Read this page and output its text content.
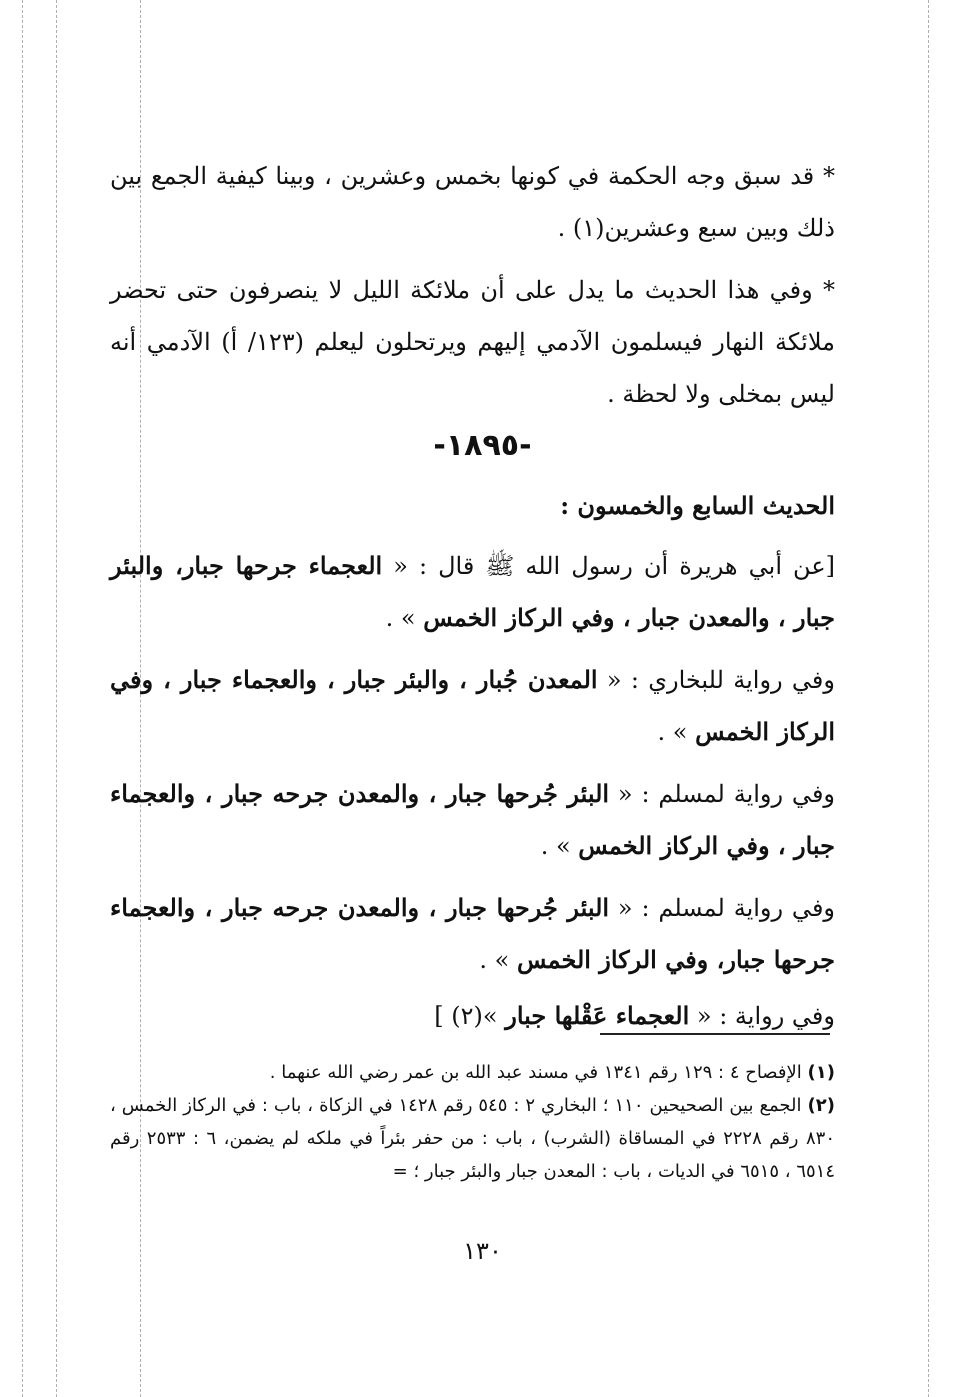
* قد سبق وجه الحكمة في كونها بخمس وعشرين ، وبينا كيفية الجمع بين ذلك وبين سبع وعشرين(١) .

* وفي هذا الحديث ما يدل على أن ملائكة الليل لا ينصرفون حتى تحضر ملائكة النهار فيسلمون الآدمي إليهم ويرتحلون ليعلم (١٢٣/ أ) الآدمي أنه ليس بمخلى ولا لحظة .

-١٨٩٥-

الحديث السابع والخمسون :

[عن أبي هريرة أن رسول الله ﷺ قال : « العجماء جرحها جبار، والبئر جبار ، والمعدن جبار ، وفي الركاز الخمس » .

وفي رواية للبخاري : « المعدن جُبار ، والبئر جبار ، والعجماء جبار ، وفي الركاز الخمس » .

وفي رواية لمسلم : « البئر جُرحها جبار ، والمعدن جرحه جبار ، والعجماء جبار ، وفي الركاز الخمس » .

وفي رواية لمسلم : « البئر جُرحها جبار ، والمعدن جرحه جبار ، والعجماء جرحها جبار، وفي الركاز الخمس » .

وفي رواية : « العجماء عَقْلها جبار »(٢) ]

(١) الإفصاح ٤ : ١٢٩ رقم ١٣٤١ في مسند عبد الله بن عمر رضي الله عنهما .

(٢) الجمع بين الصحيحين ١١٠ ؛ البخاري ٢ : ٥٤٥ رقم ١٤٢٨ في الزكاة ، باب : في الركاز الخمس ، ٨٣٠ رقم ٢٢٢٨ في المساقاة (الشرب) ، باب : من حفر بئراً في ملكه لم يضمن، ٦ : ٢٥٣٣ رقم ٦٥١٤ ، ٦٥١٥ في الديات ، باب : المعدن جبار والبئر جبار ؛ =

١٣٠
